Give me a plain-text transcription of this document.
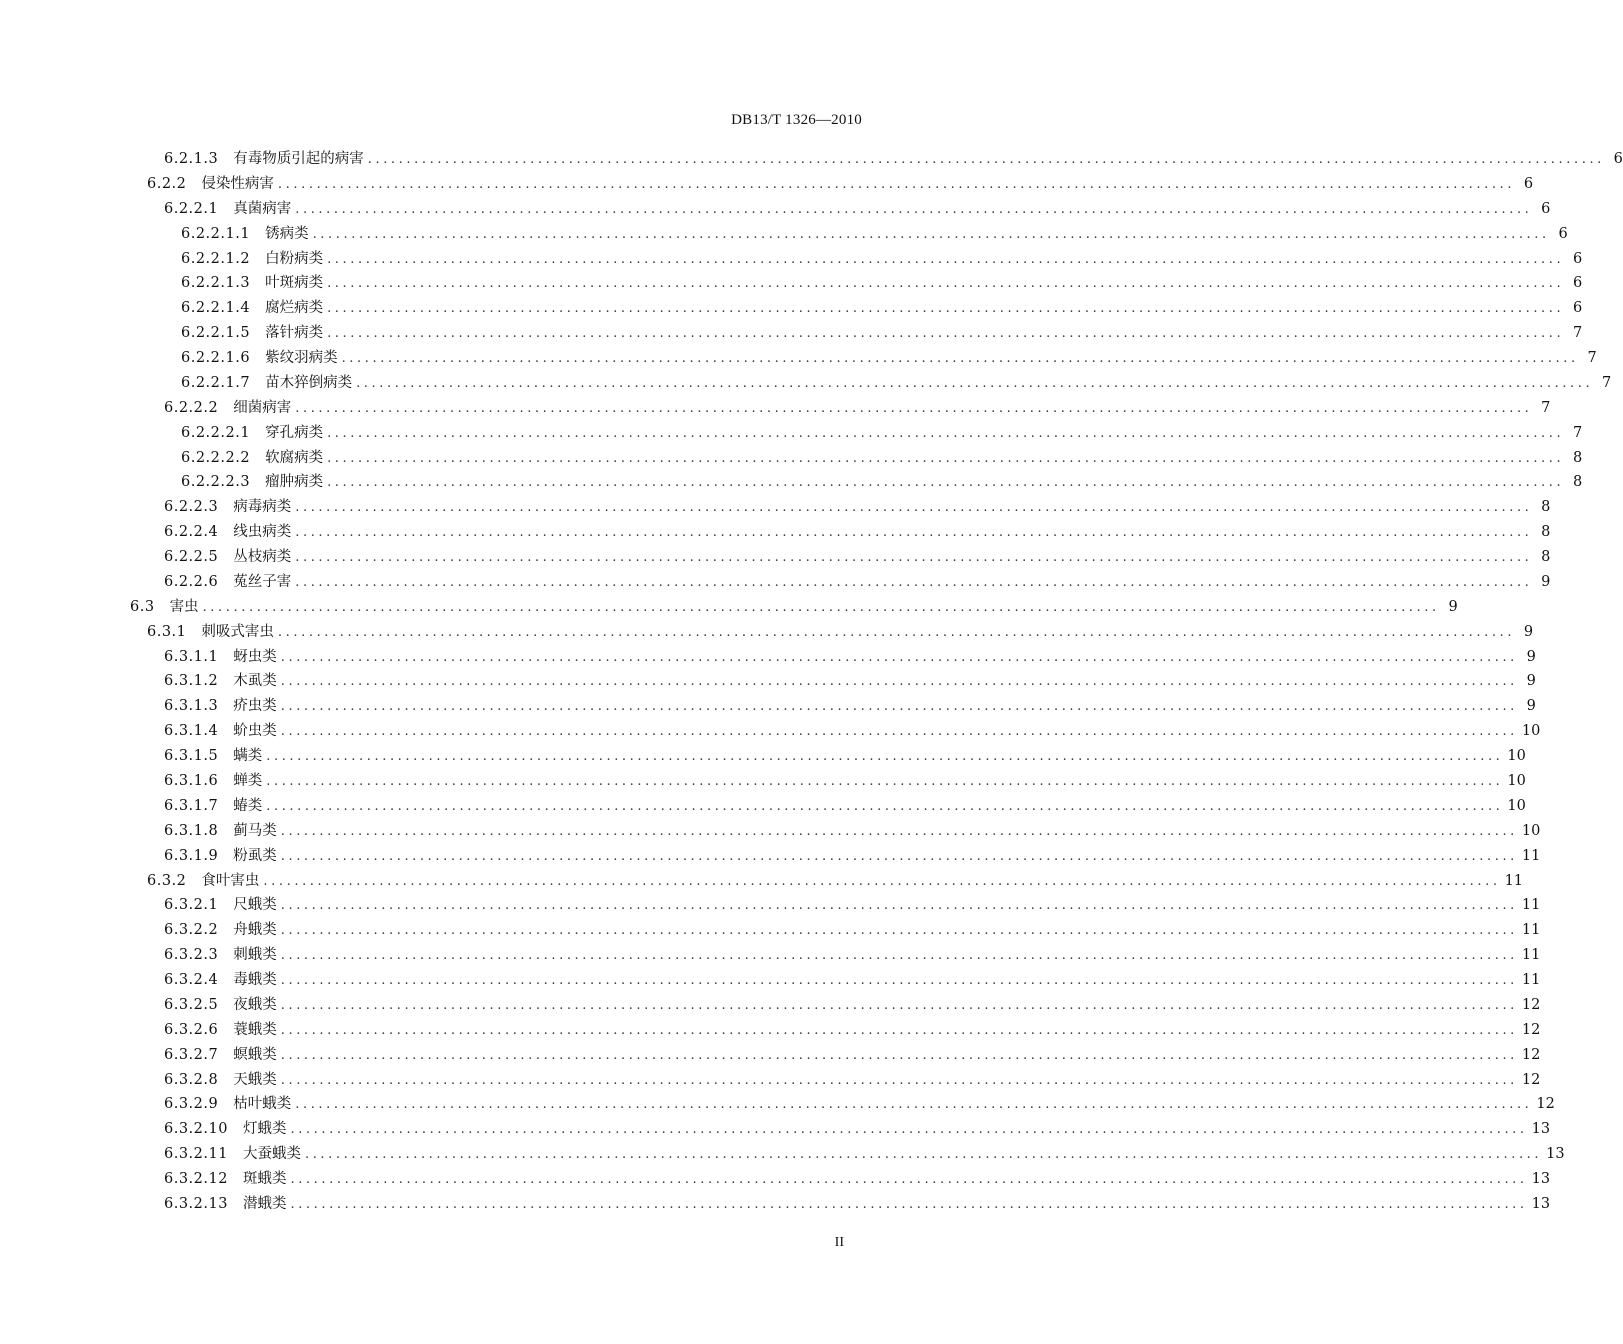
DB13/T 1326—2010
6.2.1.3 有毒物质引起的病害 ................................................................................................................................................................ 6
6.2.2 侵染性病害 ................................................................................................................................................................ 6
6.2.2.1 真菌病害 ................................................................................................................................................................ 6
6.2.2.1.1 锈病类 ................................................................................................................................................................ 6
6.2.2.1.2 白粉病类 ................................................................................................................................................................ 6
6.2.2.1.3 叶斑病类 ................................................................................................................................................................ 6
6.2.2.1.4 腐烂病类 ................................................................................................................................................................ 6
6.2.2.1.5 落针病类 ................................................................................................................................................................ 7
6.2.2.1.6 紫纹羽病类 ................................................................................................................................................................ 7
6.2.2.1.7 苗木猝倒病类 ................................................................................................................................................................ 7
6.2.2.2 细菌病害 ................................................................................................................................................................ 7
6.2.2.2.1 穿孔病类 ................................................................................................................................................................ 7
6.2.2.2.2 软腐病类 ................................................................................................................................................................ 8
6.2.2.2.3 瘤肿病类 ................................................................................................................................................................ 8
6.2.2.3 病毒病类 ................................................................................................................................................................ 8
6.2.2.4 线虫病类 ................................................................................................................................................................ 8
6.2.2.5 丛枝病类 ................................................................................................................................................................ 8
6.2.2.6 菟丝子害 ................................................................................................................................................................ 9
6.3 害虫 ................................................................................................................................................................ 9
6.3.1 刺吸式害虫 ................................................................................................................................................................ 9
6.3.1.1 蚜虫类 ................................................................................................................................................................ 9
6.3.1.2 木虱类 ................................................................................................................................................................ 9
6.3.1.3 疥虫类 ................................................................................................................................................................ 9
6.3.1.4 蚧虫类 ................................................................................................................................................................ 10
6.3.1.5 螨类 ................................................................................................................................................................ 10
6.3.1.6 蝉类 ................................................................................................................................................................ 10
6.3.1.7 蝽类 ................................................................................................................................................................ 10
6.3.1.8 蓟马类 ................................................................................................................................................................ 10
6.3.1.9 粉虱类 ................................................................................................................................................................ 11
6.3.2 食叶害虫 ................................................................................................................................................................ 11
6.3.2.1 尺蛾类 ................................................................................................................................................................ 11
6.3.2.2 舟蛾类 ................................................................................................................................................................ 11
6.3.2.3 刺蛾类 ................................................................................................................................................................ 11
6.3.2.4 毒蛾类 ................................................................................................................................................................ 11
6.3.2.5 夜蛾类 ................................................................................................................................................................ 12
6.3.2.6 蓑蛾类 ................................................................................................................................................................ 12
6.3.2.7 螟蛾类 ................................................................................................................................................................ 12
6.3.2.8 天蛾类 ................................................................................................................................................................ 12
6.3.2.9 枯叶蛾类 ................................................................................................................................................................ 12
6.3.2.10 灯蛾类 ................................................................................................................................................................ 13
6.3.2.11 大蚕蛾类 ................................................................................................................................................................ 13
6.3.2.12 斑蛾类 ................................................................................................................................................................ 13
6.3.2.13 潜蛾类 ................................................................................................................................................................ 13
II
